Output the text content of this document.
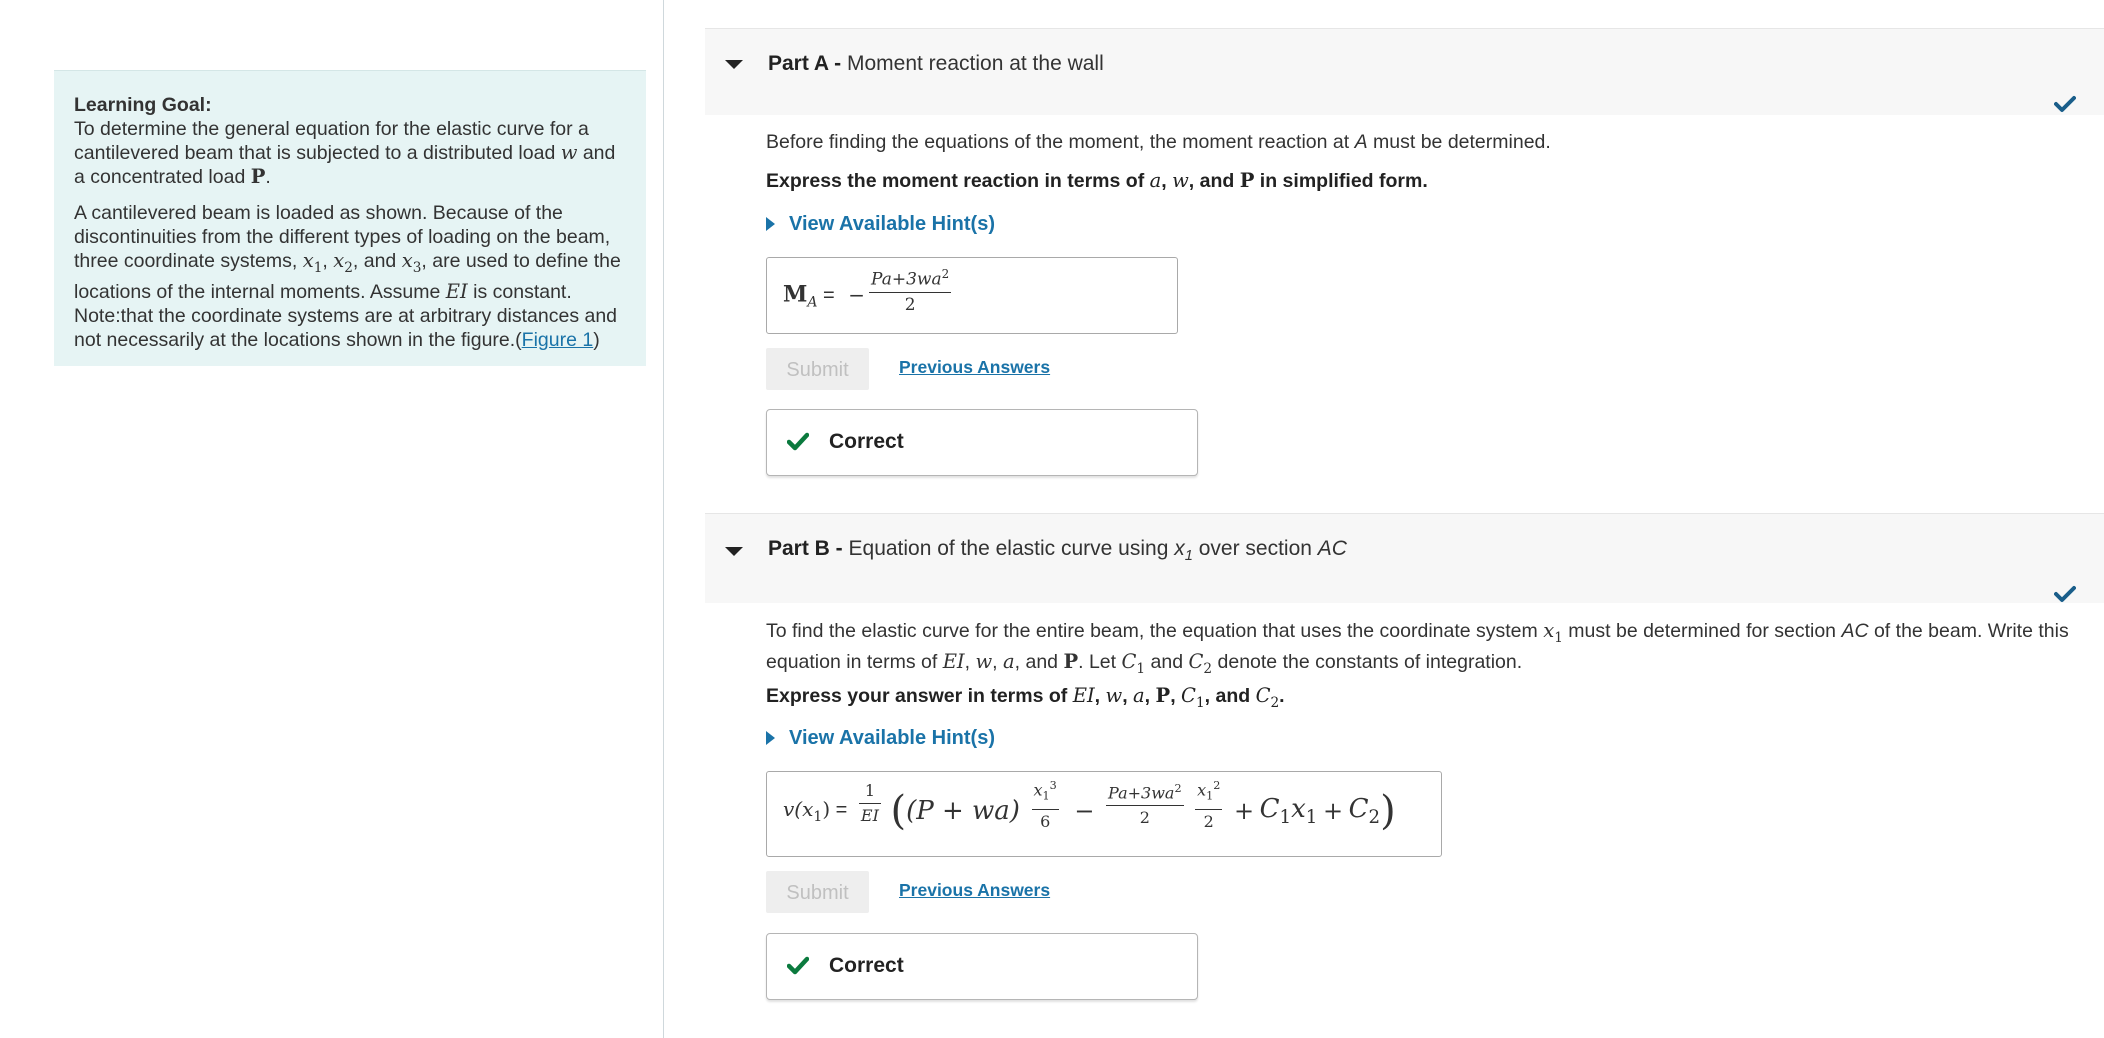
Learning Goal:

To determine the general equation for the elastic curve for a cantilevered beam that is subjected to a distributed load w and a concentrated load P.

A cantilevered beam is loaded as shown. Because of the discontinuities from the different types of loading on the beam, three coordinate systems, $x_1$, $x_2$, and $x_3$, are used to define the locations of the internal moments. Assume EI is constant. Note:that the coordinate systems are at arbitrary distances and not necessarily at the locations shown in the figure.(Figure 1)

Part A - Moment reaction at the wall
Before finding the equations of the moment, the moment reaction at A must be determined.
Express the moment reaction in terms of a, w, and P in simplified form.
View Available Hint(s)
$M_A$ = − $\frac{Pa+3wa^2}{2}$
Submit	Previous Answers
Correct
Part B - Equation of the elastic curve using $x_1$ over section AC
To find the elastic curve for the entire beam, the equation that uses the coordinate system $x_1$ must be determined for section AC of the beam. Write this equation in terms of EI, w, a, and P. Let $C_1$ and $C_2$ denote the constants of integration.
Express your answer in terms of EI, w, a, P, $C_1$, and $C_2$.
View Available Hint(s)
$v(x_1) = \frac{1}{EI} ((P + wa) \frac{x_1^3}{6} - \frac{Pa+3wa^2}{2}$
$\frac{x_1^2}{2} + C_1x_1 + C_2$)
Submit	Previous Answers
Correct
